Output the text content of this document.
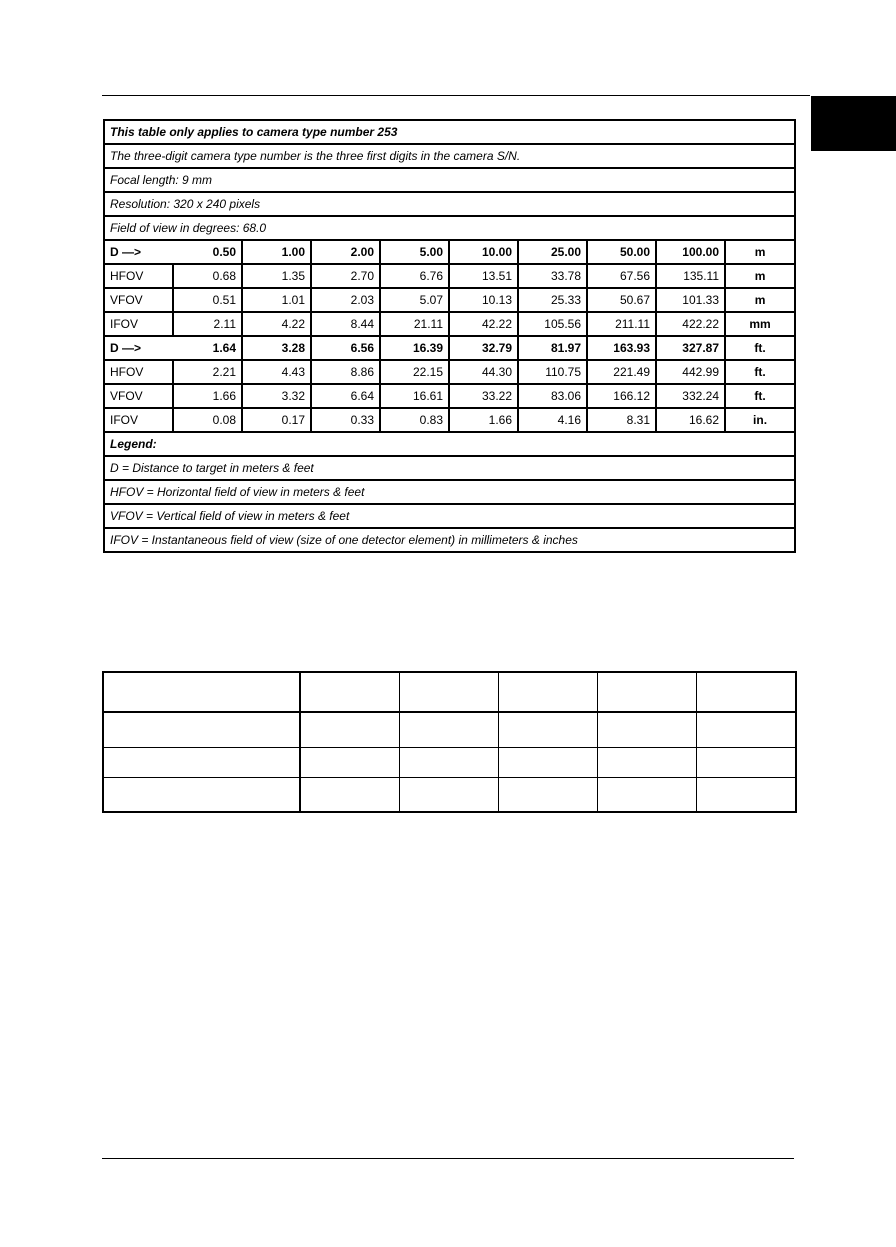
This table only applies to camera type number 253									
The three-digit camera type number is the three first digits in the camera S/N.									
Focal length: 9 mm									
Resolution: 320 x 240 pixels									
Field of view in degrees: 68.0									
D —>	0.50	1.00	2.00	5.00	10.00	25.00	50.00	100.00	m
HFOV	0.68	1.35	2.70	6.76	13.51	33.78	67.56	135.11	m
VFOV	0.51	1.01	2.03	5.07	10.13	25.33	50.67	101.33	m
IFOV	2.11	4.22	8.44	21.11	42.22	105.56	211.11	422.22	mm
D —>	1.64	3.28	6.56	16.39	32.79	81.97	163.93	327.87	ft.
HFOV	2.21	4.43	8.86	22.15	44.30	110.75	221.49	442.99	ft.
VFOV	1.66	3.32	6.64	16.61	33.22	83.06	166.12	332.24	ft.
IFOV	0.08	0.17	0.33	0.83	1.66	4.16	8.31	16.62	in.
Legend:									
D = Distance to target in meters & feet									
HFOV = Horizontal field of view in meters & feet									
VFOV = Vertical field of view in meters & feet									
IFOV = Instantaneous field of view (size of one detector element) in millimeters & inches									
